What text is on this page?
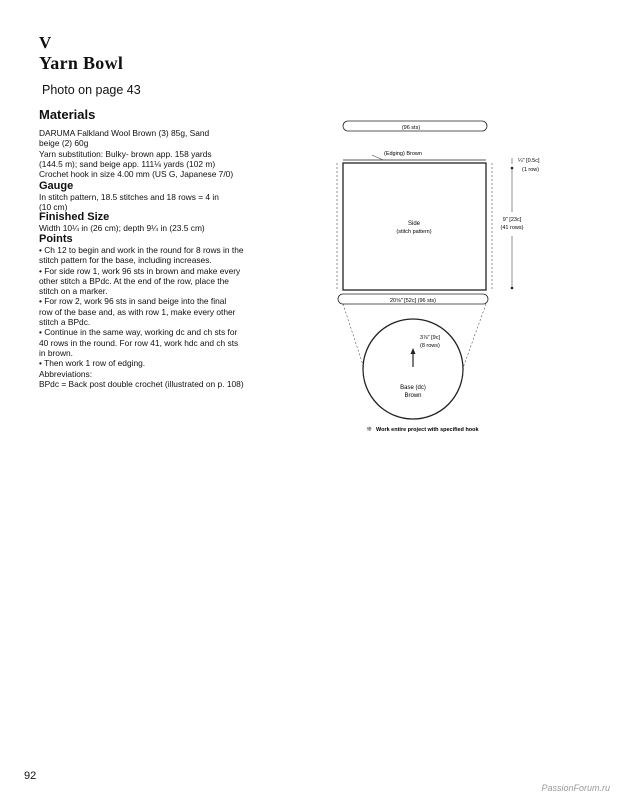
V
Yarn Bowl
Photo on page 43
Materials

DARUMA Falkland Wool Brown (3) 85g, Sand

beige (2) 60g

Yarn substitution: Bulky- brown app. 158 yards

(144.5 m); sand beige app. 111⅛ yards (102 m)

Crochet hook in size 4.00 mm (US G, Japanese 7/0)

Gauge

In stitch pattern, 18.5 stitches and 18 rows = 4 in

(10 cm)

Finished Size

Width 10¼ in (26 cm); depth 9¼ in (23.5 cm)

Points

• Ch 12 to begin and work in the round for 8 rows in the

stitch pattern for the base, including increases.

• For side row 1, work 96 sts in brown and make every

other stitch a BPdc. At the end of the row, place the

stitch on a marker.

• For row 2, work 96 sts in sand beige into the final

row of the base and, as with row 1, make every other

stitch a BPdc.

• Continue in the same way, working dc and ch sts for

40 rows in the round. For row 41, work hdc and ch sts

in brown.

• Then work 1 row of edging.

Abbreviations:

BPdc = Back post double crochet (illustrated on p. 108)

(96 sts)
(Edging) Brown
Side
(stitch pattern)
¼" [0.5c]
(1 row)
9" [23c]
(41 rows)
20⅝" [52c] (96 sts)
3⅞" [9c]
(8 rows)
Base (dc)
Brown
❊ Work entire project with specified hook
92
PassionForum.ru
